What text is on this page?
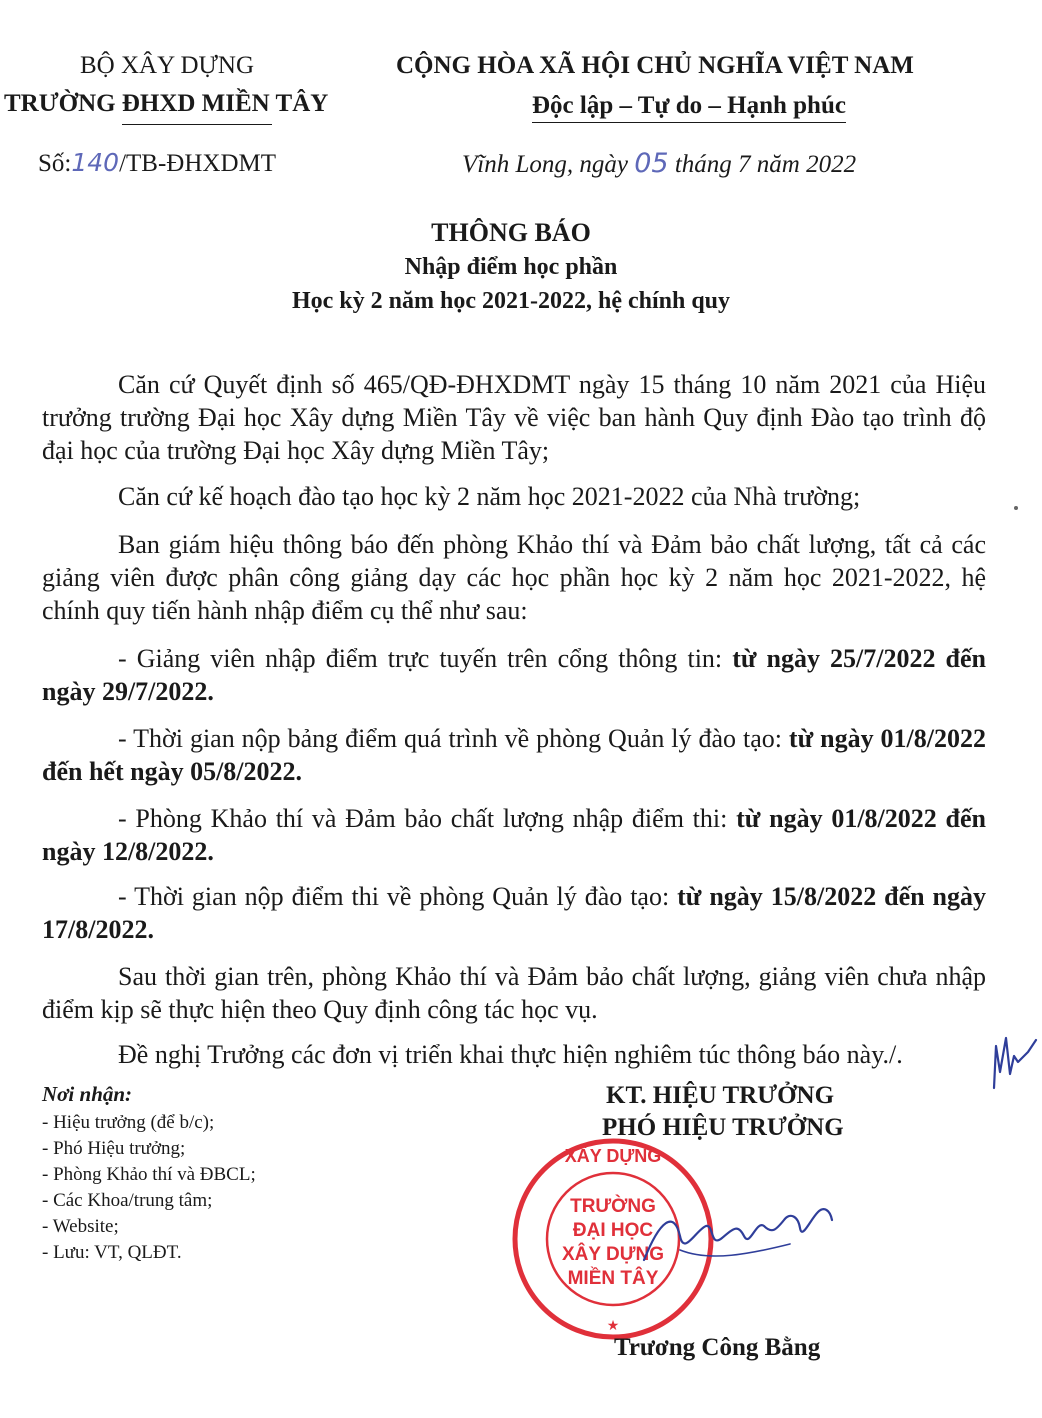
BỘ XÂY DỰNG
TRƯỜNG ĐHXD MIỀN TÂY
Số:140/TB-ĐHXDMT
CỘNG HÒA XÃ HỘI CHỦ NGHĨA VIỆT NAM
Độc lập – Tự do – Hạnh phúc
Vĩnh Long, ngày 05 tháng 7 năm 2022
THÔNG BÁO
Nhập điểm học phần
Học kỳ 2 năm học 2021-2022, hệ chính quy
Căn cứ Quyết định số 465/QĐ-ĐHXDMT ngày 15 tháng 10 năm 2021 của Hiệu trưởng trường Đại học Xây dựng Miền Tây về việc ban hành Quy định Đào tạo trình độ đại học của trường Đại học Xây dựng Miền Tây;
Căn cứ kế hoạch đào tạo học kỳ 2 năm học 2021-2022 của Nhà trường;
Ban giám hiệu thông báo đến phòng Khảo thí và Đảm bảo chất lượng, tất cả các giảng viên được phân công giảng dạy các học phần học kỳ 2 năm học 2021-2022, hệ chính quy tiến hành nhập điểm cụ thể như sau:
- Giảng viên nhập điểm trực tuyến trên cổng thông tin: từ ngày 25/7/2022 đến ngày 29/7/2022.
- Thời gian nộp bảng điểm quá trình về phòng Quản lý đào tạo: từ ngày 01/8/2022 đến hết ngày 05/8/2022.
- Phòng Khảo thí và Đảm bảo chất lượng nhập điểm thi: từ ngày 01/8/2022 đến ngày 12/8/2022.
- Thời gian nộp điểm thi về phòng Quản lý đào tạo: từ ngày 15/8/2022 đến ngày 17/8/2022.
Sau thời gian trên, phòng Khảo thí và Đảm bảo chất lượng, giảng viên chưa nhập điểm kịp sẽ thực hiện theo Quy định công tác học vụ.
Đề nghị Trưởng các đơn vị triển khai thực hiện nghiêm túc thông báo này./.
Nơi nhận:
- Hiệu trưởng (để b/c);
- Phó Hiệu trưởng;
- Phòng Khảo thí và ĐBCL;
- Các Khoa/trung tâm;
- Website;
- Lưu: VT, QLĐT.
KT. HIỆU TRƯỞNG
PHÓ HIỆU TRƯỞNG
XÂY DỰNG
TRƯỜNG
ĐẠI HỌC
XÂY DỰNG
MIỀN TÂY
★
Trương Công Bằng
